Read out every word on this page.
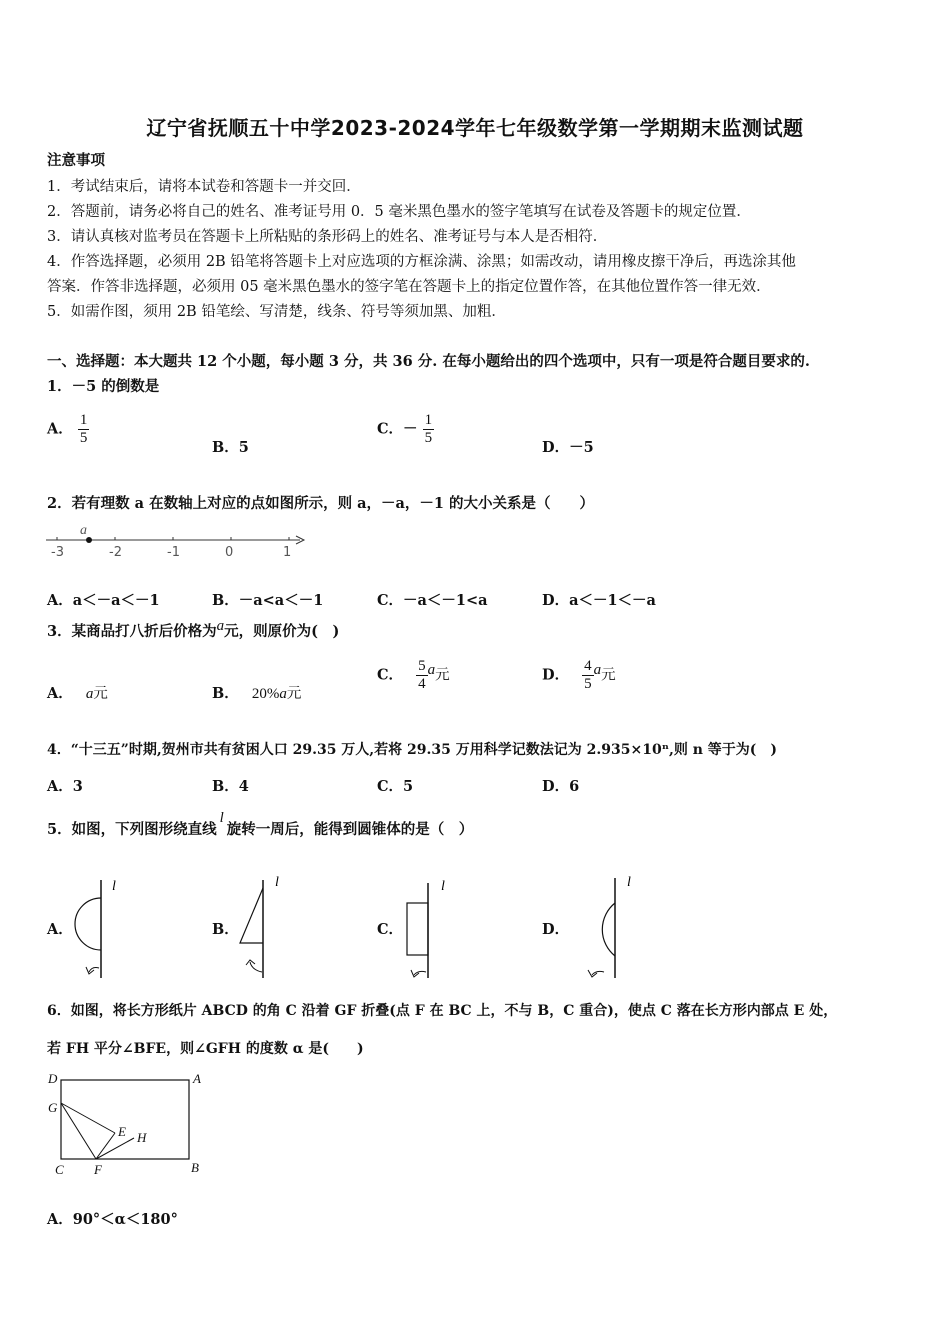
辽宁省抚顺五十中学2023-2024学年七年级数学第一学期期末监测试题
注意事项
1．考试结束后，请将本试卷和答题卡一并交回．
2．答题前，请务必将自己的姓名、准考证号用 0．5 毫米黑色墨水的签字笔填写在试卷及答题卡的规定位置．
3．请认真核对监考员在答题卡上所粘贴的条形码上的姓名、准考证号与本人是否相符．
4．作答选择题，必须用 2B 铅笔将答题卡上对应选项的方框涂满、涂黑；如需改动，请用橡皮擦干净后，再选涂其他
答案．作答非选择题，必须用 05 毫米黑色墨水的签字笔在答题卡上的指定位置作答，在其他位置作答一律无效．
5．如需作图，须用 2B 铅笔绘、写清楚，线条、符号等须加黑、加粗．
一、选择题：本大题共 12 个小题，每小题 3 分，共 36 分. 在每小题给出的四个选项中，只有一项是符合题目要求的.
1．－5 的倒数是
A． $\frac{1}{5}$
B．5
C．－ $\frac{1}{5}$
D．－5
2．若有理数 a 在数轴上对应的点如图所示，则 a，－a，－1 的大小关系是（　　）
-3	-2	-1	0	1
a
A．a＜－a＜－1	B．－a<a＜－1	C．－a＜－1<a	D．a＜－1＜－a
3．某商品打八折后价格为a元，则原价为(　)
A． a元	B． 20%a元
C． $\frac{5}{4}$ a元	D． $\frac{4}{5}$ a元
4．“十三五”时期,贺州市共有贫困人口 29.35 万人,若将 29.35 万用科学记数法记为 2.935×10ⁿ,则 n 等于为(　)
A．3	B．4	C．5	D．6
5．如图，下列图形绕直线l旋转一周后，能得到圆锥体的是（　）
A．	B．	C．	D．
l	l	l	l
6．如图，将长方形纸片 ABCD 的角 C 沿着 GF 折叠(点 F 在 BC 上，不与 B，C 重合)，使点 C 落在长方形内部点 E 处，
若 FH 平分∠BFE，则∠GFH 的度数 α 是(　　)
D	A
G
E H
C F	B
A．90°＜α＜180°
